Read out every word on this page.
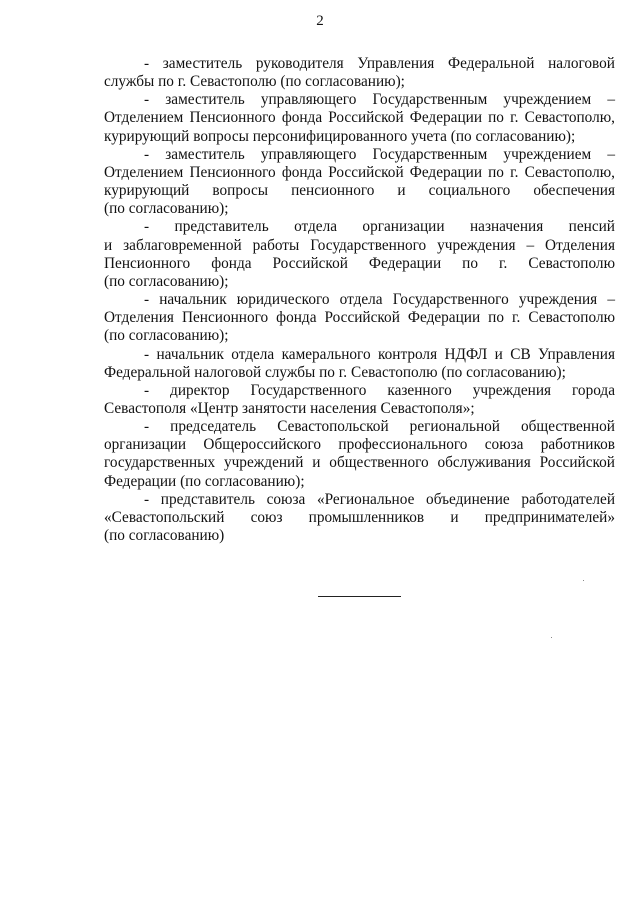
2
- заместитель руководителя Управления Федеральной налоговой
службы по г. Севастополю (по согласованию);
- заместитель управляющего Государственным учреждением –
Отделением Пенсионного фонда Российской Федерации по г. Севастополю,
курирующий вопросы персонифицированного учета (по согласованию);
- заместитель управляющего Государственным учреждением –
Отделением Пенсионного фонда Российской Федерации по г. Севастополю,
курирующий вопросы пенсионного и социального обеспечения
(по согласованию);
- представитель отдела организации назначения пенсий
и заблаговременной работы Государственного учреждения – Отделения
Пенсионного фонда Российской Федерации по г. Севастополю
(по согласованию);
- начальник юридического отдела Государственного учреждения –
Отделения Пенсионного фонда Российской Федерации по г. Севастополю
(по согласованию);
- начальник отдела камерального контроля НДФЛ и СВ Управления
Федеральной налоговой службы по г. Севастополю (по согласованию);
- директор Государственного казенного учреждения города
Севастополя «Центр занятости населения Севастополя»;
- председатель Севастопольской региональной общественной
организации Общероссийского профессионального союза работников
государственных учреждений и общественного обслуживания Российской
Федерации (по согласованию);
- представитель союза «Региональное объединение работодателей
«Севастопольский союз промышленников и предпринимателей»
(по согласованию)
